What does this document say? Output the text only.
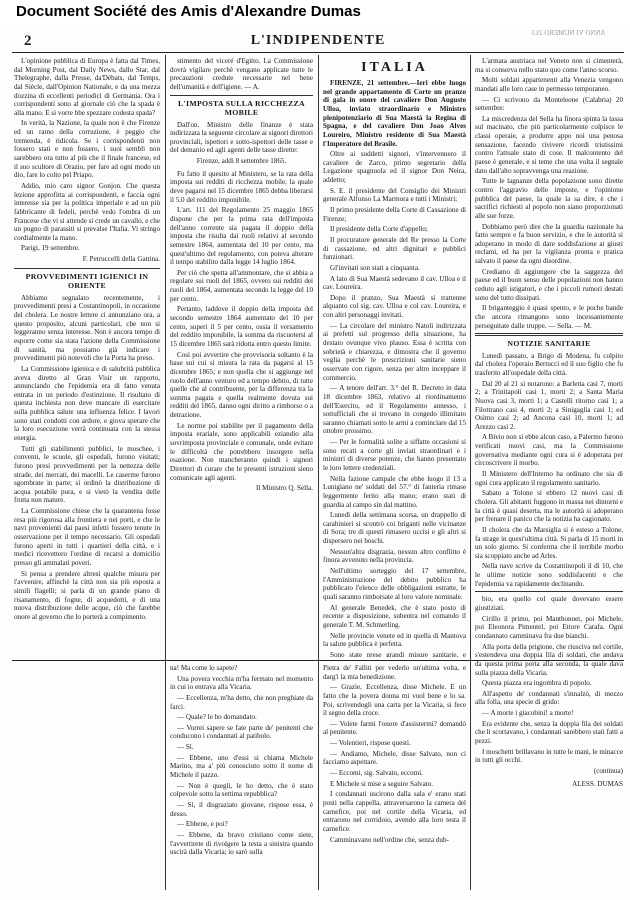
Document Société des Amis d'Alexandre Dumas
2	L'INDIPENDENTE	ANNO VI NUMERO 213

L'opinione pubblica di Europa è fatta dal Times, dal Morning Post, dal Daily News, dallo Star, dal Thelegraphe, dalla Presse, da'Débats, dal Temps, dal Siècle, dall'Opinion Nationale, e da una mezza dozzina di eccellenti periodici di Germania. Ora i corrispondenti sono al giornale ciò che la spada è alla mano. E si vorre bbe spezzare codesta spada?

In verità, la Nazione, la quale non è che Firenze ed un ramo della corruzione, è peggio che tremenda, è ridicola. Se i corrispondenti non fossero stati e non fossero, i suoi sembli non sarebbero ora tutto al più che il finale francese, ed il suo scultore di Orazio, per fare ad ogni modo un dio, fare lo colto pel Priapo.

Addio, mio caro signor Gonjon. Che questa lezione approfitta ai corrispondenti, e faccia ogni interesse sia per la politica imperiale e ad un più fabbricante di fedeli, perchè vedo l'ombra di un Francese che vi si attende si crede un cavallo, e che un pugno di parassiti si prevalse l'Italia. Vi stringo cordialmente la mano.

Parigi, 19 settembre.

F. Petruccelli della Gattina.

PROVVEDIMENTI IGIENICI IN ORIENTE

Abbiamo segnalato recentemente, i provvedimenti presi a Costantinopoli, in occasione del cholera. Le nostre lettere ci annunziano ora, a questo proposito, alcuni particolari, che non si leggeranno senza interesse. Non è ancora tempo di esporre come sia stata l'azione della Commissione di sanità, ma possiamo già indicare i provvedimenti più notevoli che la Porta ha preso.

La Commissione igienica e di salubrità pubblica aveva diretto al Gran Visir un rapporto, annunciando che l'epidemia era di fatto venuta entrata in un periodo d'estinzione. Il risultato di questa inchiesta non deve mancare di esercitare sulla pubblica salute una influenza felice. I lavori sono stati condotti con ardore, e giova sperare che la loro esecuzione verrà continuata con la stessa energia.

Tutti gli stabilimenti pubblici, le moschee, i conventi, le scuole, gli ospedali, furono visitati; furono presi provvedimenti per la nettezza delle strade, dei mercati, dei macelli. Le caserme furono sgombrate in parte; si ordinò la distribuzione di acqua potabile pura, e si vietò la vendita delle frutta non mature.

La Commissione chiese che la quarantena fosse resa più rigorosa alla frontiera e nei porti, e che le navi provenienti dai paesi infetti fossero tenute in osservazione per il tempo necessario. Gli ospedali furono aperti in tutti i quartieri della città, e i medici ricevettero l'ordine di recarsi a domicilio presso gli ammalati poveri.

Si pensa a prendere altresì qualche misura per l'avvenire, affinchè la città non sia più esposta a simili flagelli; si parla di un grande piano di risanamento, di fogne, di acquedotti, e di una nuova distribuzione delle acque, ciò che farebbe onore al governo che lo porterà a compimento.

stimento del viceré d'Egitto. La Commissione dovrà vigilare perchè vengano applicate tutte le precauzioni credute necessarie nel bene dell'umanità e dell'igiene. — A.

L'IMPOSTA SULLA RICCHEZZA MOBILE

Dall'on. Ministro delle finanze è stata indirizzata la seguente circolare ai signori direttori provinciali, ispettori e sotto-ispettori delle tasse e del demanio ed agli agenti delle tasse dirette:

Firenze, addì 8 settembre 1865.

Fu fatto il quesito al Ministero, se la rata della imposta sui redditi di ricchezza mobile, la quale deve pagarsi nel 15 dicembre 1865 debba liberarsi il 5.0 del reddito imponibile.

L'art. 111 del Regolamento 25 maggio 1865 dispone che per la prima rata dell'imposta dell'anno corrente sia pagata il doppio della imposta che risulta dai ruoli relativi al secondo semestre 1864, aumentata del 10 per cento, ma quest'ultimo del regolamento, con poteva alterare il tempo stabilito dalla legge 14 luglio 1864.

Per ciò che spetta all'ammontare, che si abbia a regolare sui ruoli del 1865, ovvero sui redditi dei ruoli del 1864, aumentata secondo la legge del 10 per cento.

Pertanto, laddove il doppio della imposta del secondo semestre 1864 aumentato del 10 per cento, superi il 5 per cento, ossia il versamento del reddito imponibile, la somma da riscuotersi al 15 dicembre 1865 sarà ridotta entro questo limite.

Così poi avvertire che provvisoria soltanto è la base sui cui si misura la rata da pagarsi al 15 dicembre 1865; e non quella che si aggiunge nel ruolo dell'anno venturo ed a tempo debito, di tutte quelle che al contribuente, per la differenza tra la somma pagata e quella realmente dovuta sui redditi del 1865, danno ogni diritto a rimborso o a detrazione.

Le norme poi stabilite per il pagamento della imposta erariale, sono applicabili eziandio alla sovrimposta provinciale e comunale, onde evitare le difficoltà che potrebbero insorgere nella esazione. Non mancheranno quindi i signori Direttori di curare che le presenti istruzioni sieno comunicate agli agenti.

Il Ministro Q. Sella.

ITALIA

FIRENZE, 21 settembre.—Ieri ebbe luogo nel grande appartamento di Corte un pranzo di gala in onore del cavaliere Don Augusto Ulloa, inviato straordinario e Ministro plenipotenziario di Sua Maestà la Regina di Spagna, e del cavaliere Don Joao Alves Loureiro, Ministro residente di Sua Maestà l'Imperatore del Brasile.

Oltre ai suddetti signori, v'intervennero il cavaliere de Zarco, primo segretario della Legazione spagnuola ed il signor Don Neira, addetto;

S. E. il presidente del Consiglio dei Ministri generale Alfonso La Marmora e tutti i Ministri;

Il primo presidente della Corte di Cassazione di Firenze;

Il presidente della Corte d'appello;

Il procuratore generale del Re presso la Corte di cassazione, ed altri dignitari e pubblici funzionari.

Gl'invitati son stati a cinquanta.

A lato di Sua Maestà sedevano il cav. Ulloa e il cav. Loureira.

Dopo il pranzo, Sua Maestà si trattenne alquanto col sig. cav. Ulloa e col cav. Loureira, e con altri personaggi invitati.

— La circolare del ministro Natoli indirizzata ai prefetti sul progresso della situazione, ha destato ovunque vivo plauso. Essa è scritta con sobrietà e chiarezza, e dimostra che il governo veglia perchè le prescrizioni sanitarie sieno osservate con rigore, senza per altro inceppare il commercio.

— A tenore dell'art. 3.° del R. Decreto in data 18 dicembre 1863, relativo al riordinamento dell'Esercito, ed il Regolamento annesso, i sottufficiali che si trovano in congedo illimitato saranno chiamati sotto le armi a cominciare dal 15 ottobre prossimo.

— Per le formalità solite a siffatte occasioni si sono recati a corte gli inviati straordinari e i ministri di diverse potenze, che hanno presentato le loro lettere credenziali.

Nella fazione campale che ebbe luogo il 13 a Lunigiano ne' soldati del 57.° di fanteria rimase leggermente ferito alla mano; erano stati di guardia al campo sin dal mattino.

Lunedì della settimana scorsa, un drappello di carabinieri si scontrò coi briganti nelle vicinanze di Sora; tre di questi rimasero uccisi e gli altri si dispersero nei boschi.

Nessun'altra disgrazia, nessun altro conflitto è finora avvenuto nella provincia.

Nell'ultimo sorteggio del 17 settembre, l'Amministrazione del debito pubblico ha pubblicato l'elenco delle obbligazioni estratte, le quali saranno rimborsate al loro valore nominale.

Al generale Benedek, che è stato posto di recente a disposizione, subentra nel comando il generale T. M. Schmerling.

Nelle provincie venete ed in quella di Mantova la salute pubblica è perfetta.

Sono state prese grandi misure sanitarie, e

L'armata austriaca nel Veneto non si cimenterà, ma si conserva nello stato quo come l'anno scorso.

Molti soldati appartenenti alla Venezia vengono mandati alle loro case in permesso temporaneo.

— Ci scrivono da Monteleone (Calabria) 20 settembre:

La miscredenza del Sella ha finora spinta la tassa sul macinato, che più particolarmente colpisce le classi operaie, a produrre appo noi una penosa sensazione, facendo rivivere ricordi tristissimi contro l'attuale stato di cose. Il malcontento del paese è generale, e si teme che una volta il segnale dato dall'alto sopravvenga una reazione.

Tutte le lagnanze della popolazione sono dirette contro l'aggravio delle imposte, e l'opinione pubblica del paese, la quale la sa dire, è che i sacrifici richiesti al popolo non siano proporzionati alle sue forze.

Dobbiamo però dire che la guardia nazionale ha fatto sempre e fa buon servizio, e che le autorità si adoperano in modo di dare soddisfazione ai giusti reclami, ed ha per la vigilanza pronta e pratica salvato il paese da ogni disordine.

Crediamo di aggiungere che la saggezza del paese ed il buon senso delle popolazioni non hanno ceduto agli istigatori, e che i piccoli rumori destati sono del tutto dissipati.

Il briganteggio è quasi spento, e le poche bande che ancora rimangono sono incessantemente perseguitate dalle truppe. — Sella. — M.

NOTIZIE SANITARIE

Lunedì passato, a Brigo di Modena, fu colpito dal cholera l'operaio Bertucci ed il suo figlio che fu trasferito all'ospedale della città.

Dal 20 al 21 si notarono: a Barletta casi 7, morti 2; a Trinitapoli casi 1, morti 2; a Santa Maria Nuova casi 3, morti 1; a Castelli ritorno casi 1; a Filottrano casi 4, morti 2; a Sinigaglia casi 1; ed Osimo casi 2; ad Ancona casi 10, morti 1; ad Arezzo casi 2.

A Bivio non si ebbe alcun caso, a Palermo furono verificati nuovi casi, ma la Commissione governativa mediante ogni cura si è adoperata per circoscrivere il morbo.

Il Ministero dell'Interno ha ordinato che sia di ogni cura applicato il regolamento sanitario.

Sabato a Tolone si ebbero 12 nuovi casi di cholera. Gli abitanti fuggono in massa nei dintorni e la città è quasi deserta, ma le autorità si adoperano per frenare il panico che la notizia ha cagionato.

Il cholera che da Marsiglia si è esteso a Tolone, fa strage in quest'ultima città. Si parla di 15 morti in un solo giorno. Si conferma che il terribile morbo sia scoppiato anche ad Arles.

Nella nave scrive da Costantinopoli il dì 10, che le ultime notizie sono soddisfacenti e che l'epidemia va rapidamente declinando.

bio, era quello col quale dovevano essere giustiziati.

Cirillo il primo, poi Manthonnet, poi Michele, poi Eleonora Pimentel, poi Ettore Carafa. Ogni condannato camminava fra due bianchi.

Alla porta della prigione, che riusciva nel cortile, s'estendeva una doppia fila di soldati, che andava da questa prima porta alla seconda, la quale dava sulla piazza della Vicaria.

Questa piazza era ingombra di popolo.

All'aspetto de' condannati s'innalzò, di mezzo alla folla, una specie di grido:

— A morte i giacobini! a morte!

Era evidente che, senza la doppia fila dei soldati che li scortavano, i condannati sarebbero stati fatti a pezzi.

I moschetti brillavano in tutte le mani, le minacce in tutti gli occhi.

(continua)

ALESS. DUMAS

na! Ma come lo sapete?

Una povera vecchia m'ha fermato nel momento in cui io entrava alla Vicaria.

— Eccellenza, m'ha detto, che non preghiate da farci.

— Quale? le ho domandato.

— Vorrei sapere se fate parte de' penitenti che conducono i condannati al patibolo.

— Sì.

— Ebbene, uno d'essi si chiama Michele Marino, ma a' più conosciuto sotto il nome di Michele il pazzo.

— Non è quegli, le ho detto, che è stato colpevole sotto la settima repubblica?

— Sì, il disgraziato giovane, rispose essa, è desso.

— Ebbene, e poi?

— Ebbene, da bravo cristiano come siete, l'avvertirete di rivolgere la testa a sinistra quando uscirà dalla Vicaria; io sarò sulla

Pietra de' Falliti per vederlo un'ultima volta, e darg'i la mia benedizione.

— Grazie, Eccellenza, disse Michele. E un fatto che la povera donna mi vuol bene e lo sa. Poi, scrivendogli una carta per la Vicaria, si fece il segno della croce.

— Volete farmi l'onore d'assistermi? domandò al penitente.

— Volentieri, rispose questi.

— Andiamo, Michele, disse Salvato, non ci facciamo aspettare.

— Eccomi, sig. Salvato, eccomi.

E Michele si mise a seguire Salvato.

I condannati uscirono dalla sala e' erano stati posti nella cappella, attraversarono la camera del carnefice, poi nel cortile della Vicaria, ed entrarono nel corridoio, avendo alla loro testa il carnefice.

Camminavano nell'ordine che, senza dub-
